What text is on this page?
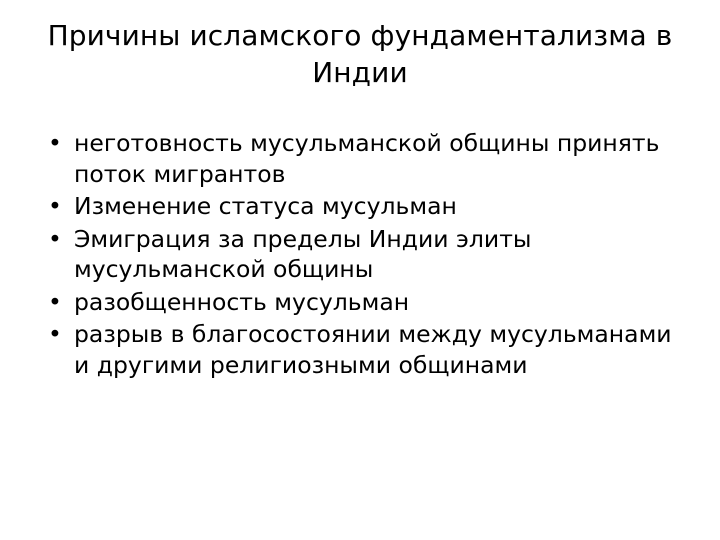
Причины исламского фундаментализма в Индии
• неготовность мусульманской общины принять поток мигрантов
• Изменение статуса мусульман
• Эмиграция за пределы Индии элиты мусульманской общины
• разобщенность мусульман
• разрыв в благосостоянии между мусульманами и другими религиозными общинами
